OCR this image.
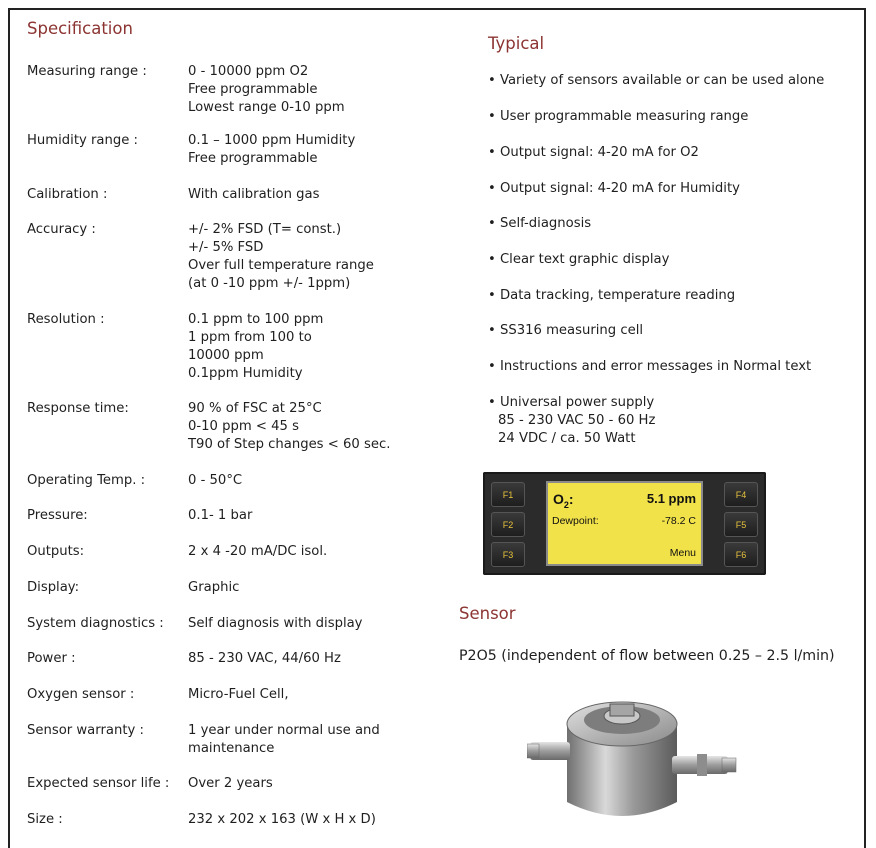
Specification
Measuring range :	0 - 10000 ppm O2
Free programmable
Lowest range 0-10 ppm
Humidity range :	0.1 – 1000 ppm Humidity
Free programmable
Calibration :	With calibration gas
Accuracy :	+/- 2% FSD (T= const.)
+/- 5% FSD
Over full temperature range
(at 0 -10 ppm +/- 1ppm)
Resolution :	0.1 ppm to 100 ppm
1 ppm from 100 to
10000 ppm
0.1ppm Humidity
Response time:	90 % of FSC at 25°C
0-10 ppm < 45 s
T90 of Step changes < 60 sec.
Operating Temp. :	0 - 50°C
Pressure:	0.1- 1 bar
Outputs:	2 x 4 -20 mA/DC isol.
Display:	Graphic
System diagnostics :	Self diagnosis with display
Power :	85 - 230 VAC, 44/60 Hz
Oxygen sensor :	Micro-Fuel Cell,
Sensor warranty :	1 year under normal use and
maintenance
Expected sensor life :	Over 2 years
Size :	232 x 202 x 163 (W x H x D)
Typical
• Variety of sensors available or can be used alone
• User programmable measuring range
• Output signal: 4-20 mA for O2
• Output signal: 4-20 mA for Humidity
• Self-diagnosis
• Clear text graphic display
• Data tracking, temperature reading
• SS316 measuring cell
• Instructions and error messages in Normal text
• Universal power supply
85 - 230 VAC 50 - 60 Hz
24 VDC / ca. 50 Watt
F1
F2
F3
F4
F5
F6
$O_2$:	5.1 ppm
Dewpoint:	-78.2 C
Menu
Sensor
P2O5 (independent of flow between 0.25 – 2.5 l/min)
